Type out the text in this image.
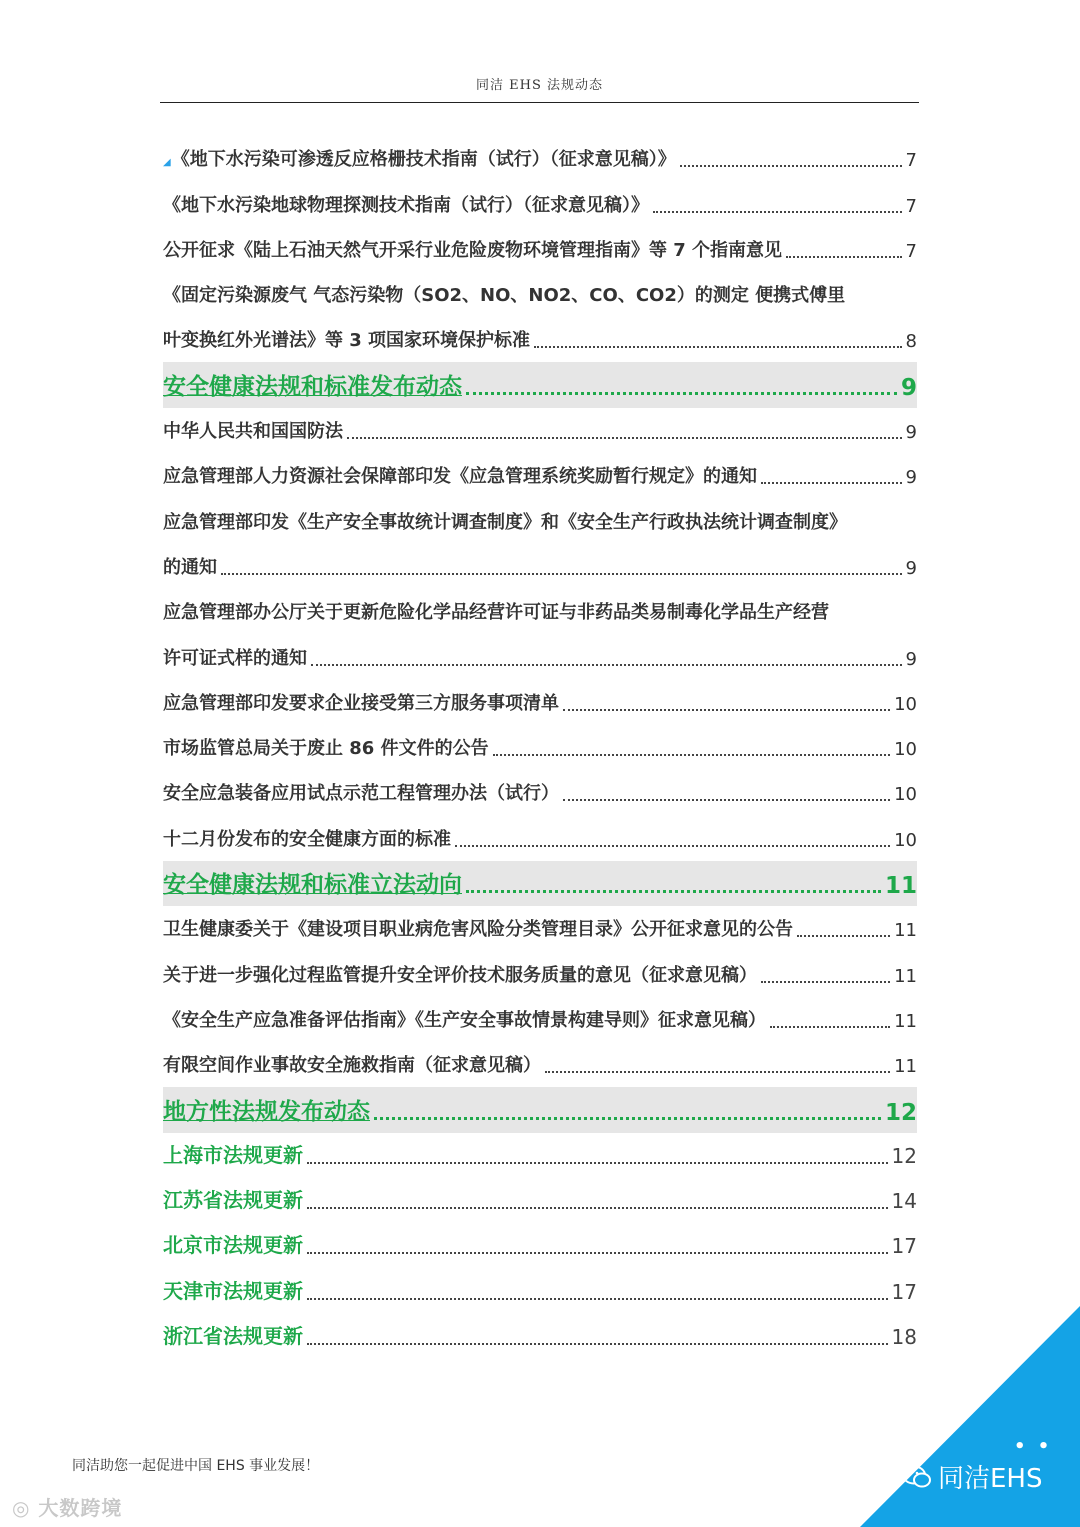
同洁 EHS 法规动态
◢《地下水污染可渗透反应格栅技术指南（试行）（征求意见稿）》	7
《地下水污染地球物理探测技术指南（试行）（征求意见稿）》	7
公开征求《陆上石油天然气开采行业危险废物环境管理指南》等 7 个指南意见	7
《固定污染源废气 气态污染物（SO2、NO、NO2、CO、CO2）的测定 便携式傅里
叶变换红外光谱法》等 3 项国家环境保护标准	8
安全健康法规和标准发布动态	9
中华人民共和国国防法	9
应急管理部人力资源社会保障部印发《应急管理系统奖励暂行规定》的通知	9
应急管理部印发《生产安全事故统计调查制度》和《安全生产行政执法统计调查制度》
的通知	9
应急管理部办公厅关于更新危险化学品经营许可证与非药品类易制毒化学品生产经营
许可证式样的通知	9
应急管理部印发要求企业接受第三方服务事项清单	10
市场监管总局关于废止 86 件文件的公告	10
安全应急装备应用试点示范工程管理办法（试行）	10
十二月份发布的安全健康方面的标准	10
安全健康法规和标准立法动向	11
卫生健康委关于《建设项目职业病危害风险分类管理目录》公开征求意见的公告	11
关于进一步强化过程监管提升安全评价技术服务质量的意见（征求意见稿）	11
《安全生产应急准备评估指南》《生产安全事故情景构建导则》征求意见稿）	11
有限空间作业事故安全施救指南（征求意见稿）	11
地方性法规发布动态	12
上海市法规更新	12
江苏省法规更新	14
北京市法规更新	17
天津市法规更新	17
浙江省法规更新	18
同洁助您一起促进中国 EHS 事业发展！
◎ 大数跨境
• •
同洁EHS
